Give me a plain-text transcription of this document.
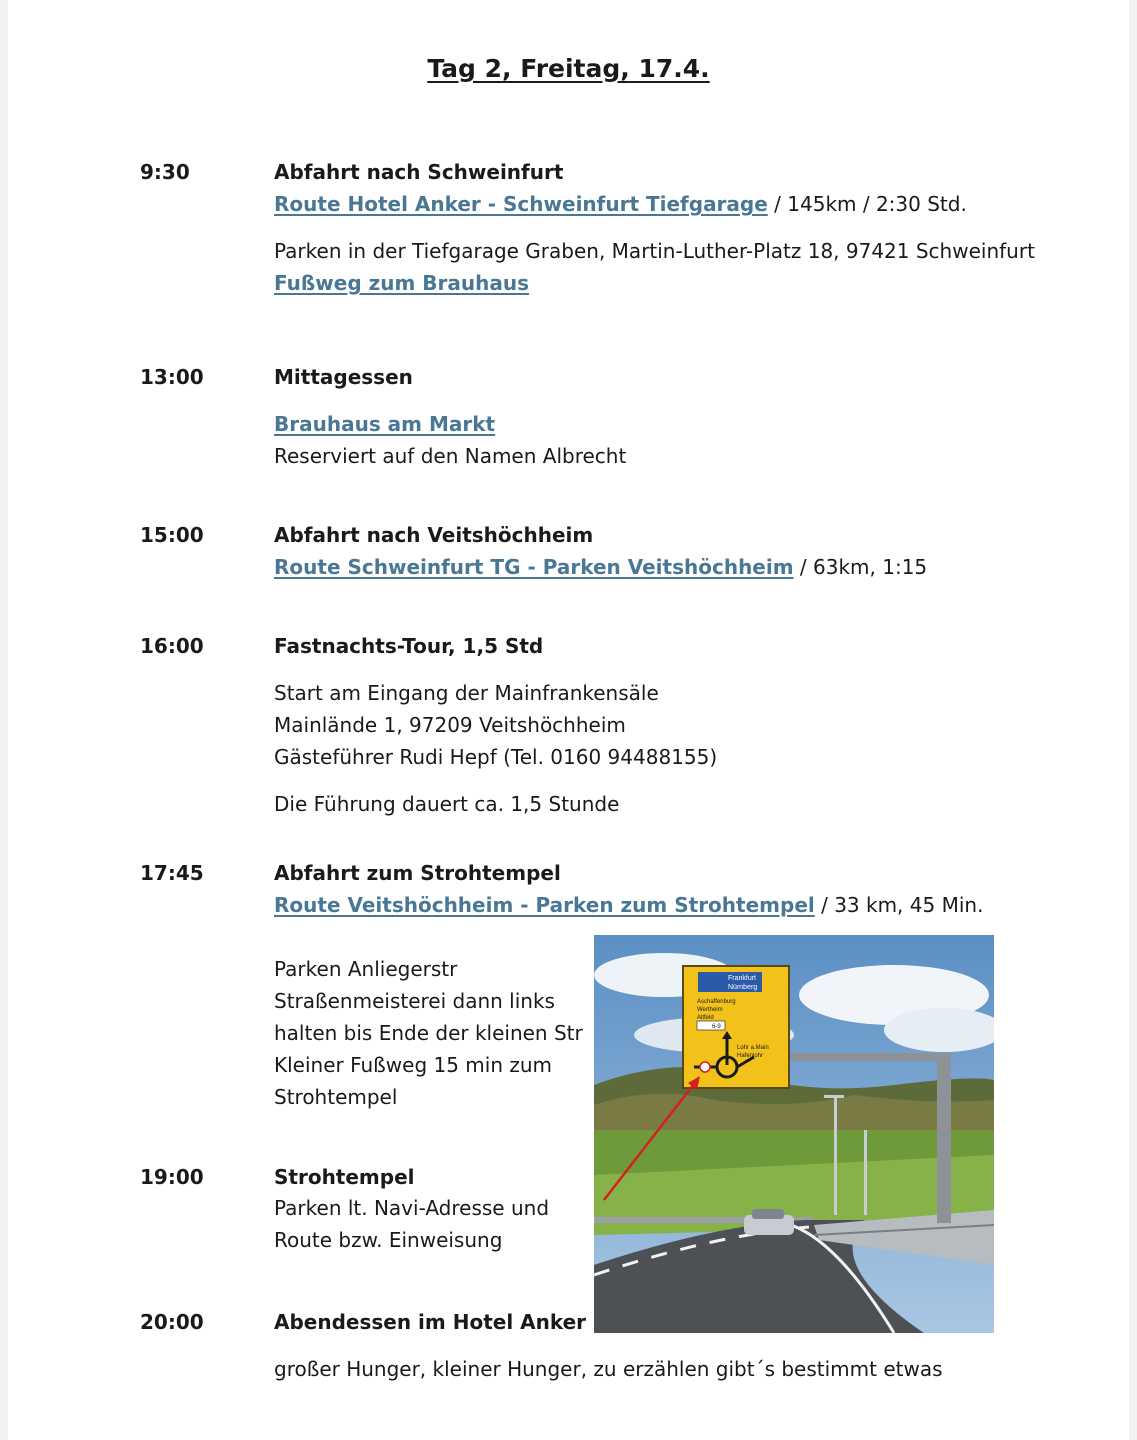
Tag 2, Freitag, 17.4.
9:30	Abfahrt nach Schweinfurt
Route Hotel Anker - Schweinfurt Tiefgarage / 145km / 2:30 Std.
Parken in der Tiefgarage Graben, Martin-Luther-Platz 18, 97421 Schweinfurt
Fußweg zum Brauhaus
13:00	Mittagessen
Brauhaus am Markt
Reserviert auf den Namen Albrecht
15:00	Abfahrt nach Veitshöchheim
Route Schweinfurt TG - Parken Veitshöchheim / 63km, 1:15
16:00	Fastnachts-Tour, 1,5 Std
Start am Eingang der Mainfrankensäle
Mainlände 1, 97209 Veitshöchheim
Gästeführer Rudi Hepf (Tel. 0160 94488155)
Die Führung dauert ca. 1,5 Stunde
17:45	Abfahrt zum Strohtempel
Route Veitshöchheim - Parken zum Strohtempel / 33 km, 45 Min.
Parken Anliegerstr
Straßenmeisterei dann links
halten bis Ende der kleinen Str
Kleiner Fußweg 15 min zum
Strohtempel
19:00	Strohtempel
Parken lt. Navi-Adresse und
Route bzw. Einweisung
20:00	Abendessen im Hotel Anker
großer Hunger, kleiner Hunger, zu erzählen gibt´s bestimmt etwas
Frankfurt
Nürnberg
Aschaffenburg
Wertheim
Altfeld
6-9
Lohr a.Main
Hafenlohr
